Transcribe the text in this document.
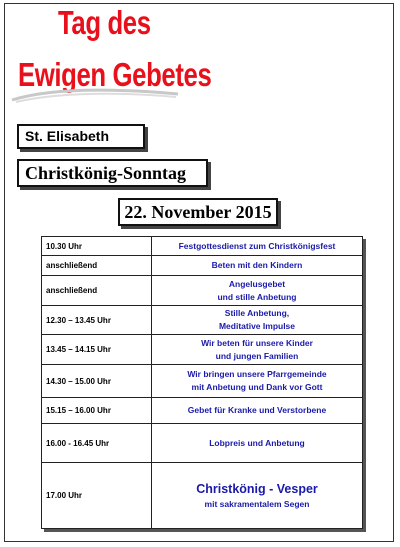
Tag des
Ewigen Gebetes
St. Elisabeth
Christkönig-Sonntag
22. November 2015
10.30 Uhr	Festgottesdienst zum Christkönigsfest

anschließend	Beten mit den Kindern

anschließend	Angelusgebet
und stille Anbetung

12.30 – 13.45 Uhr	Stille Anbetung,
Meditative Impulse

13.45 – 14.15 Uhr	Wir beten für unsere Kinder
und jungen Familien

14.30 – 15.00 Uhr	Wir bringen unsere Pfarrgemeinde
mit Anbetung und Dank vor Gott

15.15 – 16.00 Uhr	Gebet für Kranke und Verstorbene

16.00 - 16.45 Uhr	Lobpreis und Anbetung

17.00 Uhr	Christkönig - Vesper
mit sakramentalem Segen
